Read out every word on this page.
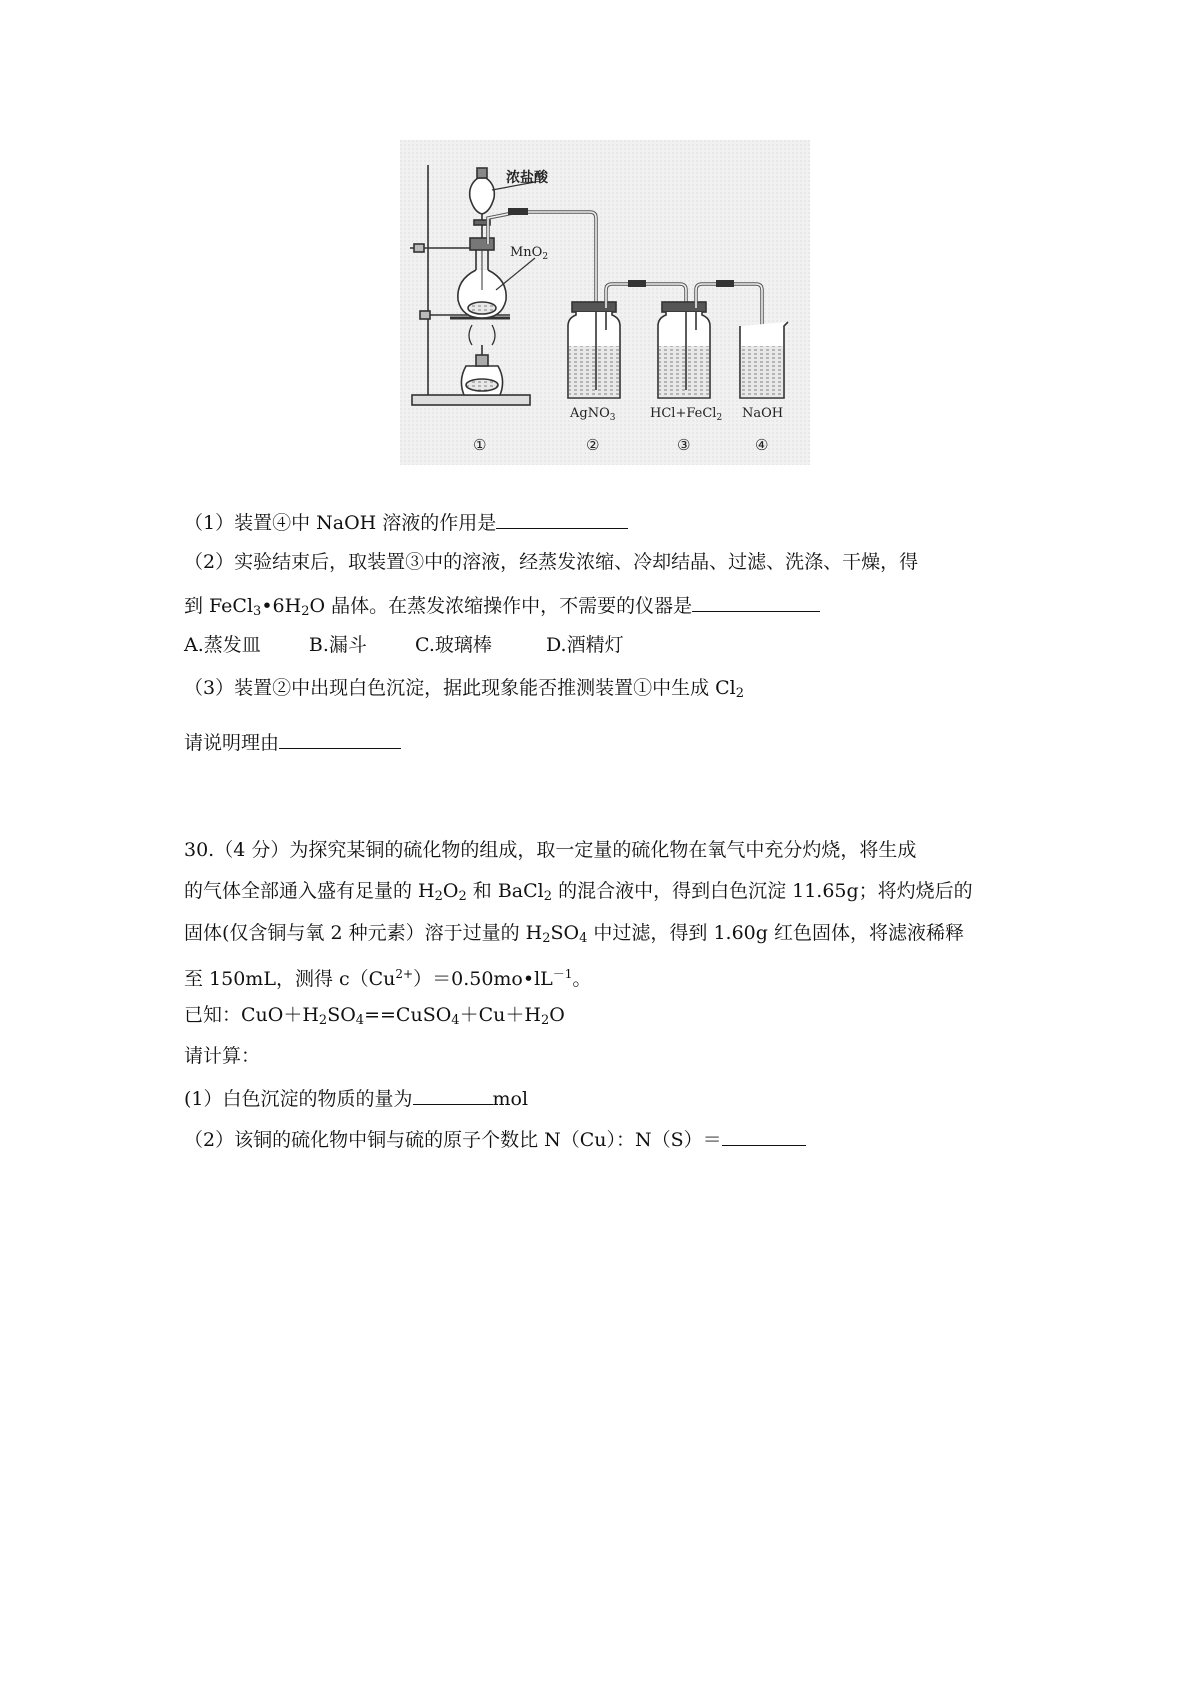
浓盐酸
MnO$_2$
AgNO$_3$	HCl+FeCl$_2$ NaOH
①	②	③	④
（1）装置④中 NaOH 溶液的作用是
（2）实验结束后，取装置③中的溶液，经蒸发浓缩、冷却结晶、过滤、洗涤、干燥，得
到 $FeCl_3•6H_2O$ 晶体。在蒸发浓缩操作中，不需要的仪器是
A.蒸发皿	B.漏斗	C.玻璃棒	D.酒精灯
（3）装置②中出现白色沉淀，据此现象能否推测装置①中生成 $Cl_2$
请说明理由
30.（4 分）为探究某铜的硫化物的组成，取一定量的硫化物在氧气中充分灼烧，将生成
的气体全部通入盛有足量的 $H_2O_2$ 和 BaCl$_2$ 的混合液中，得到白色沉淀 11.65g；将灼烧后的
固体(仅含铜与氧 2 种元素）溶于过量的 $H_2SO_4$ 中过滤，得到 1.60g 红色固体，将滤液稀释
至 150mL，测得 $c(Cu^{2+})=0.50mo•lL^{-1}$。
已知：$CuO+H_2SO_4==CuSO_4+Cu+H_2O$
请计算：
(1）白色沉淀的物质的量为	mol
（2）该铜的硫化物中铜与硫的原子个数比 N（Cu）：N（S）＝
